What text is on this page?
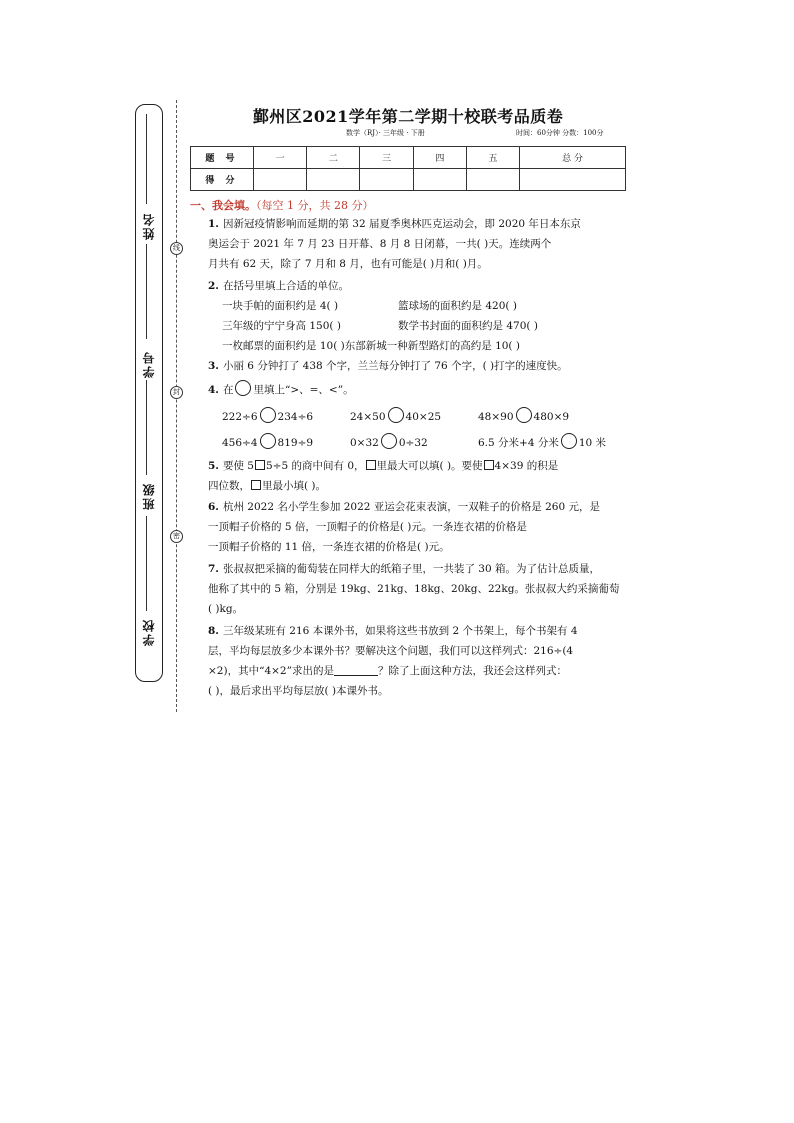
姓名
学号
班级
学校
线
封
密
鄞州区2021学年第二学期十校联考品质卷
数学（RJ）· 三年级 · 下册	时间：60分钟 分数：100分
题 号	一	二	三	四	五	总 分
得 分						
一、我会填。（每空 1 分，共 28 分）
1. 因新冠疫情影响而延期的第 32 届夏季奥林匹克运动会，即 2020 年日本东京
奥运会于 2021 年 7 月 23 日开幕、8 月 8 日闭幕，一共( )天。连续两个
月共有 62 天，除了 7 月和 8 月，也有可能是( )月和( )月。
2. 在括号里填上合适的单位。
一块手帕的面积约是 4( )	篮球场的面积约是 420( )
三年级的宁宁身高 150( )	数学书封面的面积约是 470( )
一枚邮票的面积约是 10( )东部新城一种新型路灯的高约是 10( )
3. 小丽 6 分钟打了 438 个字，兰兰每分钟打了 76 个字，( )打字的速度快。
4. 在 里填上“>、=、<”。
222÷6 234÷6	24×50 40×25	48×90 480×9
456÷4 819÷9	0×32 0÷32	6.5 分米+4 分米 10 米
5. 要使 5 5÷5 的商中间有 0， 里最大可以填( )。要使 4×39 的积是
四位数， 里最小填( )。
6. 杭州 2022 名小学生参加 2022 亚运会花束表演，一双鞋子的价格是 260 元，是
一顶帽子价格的 5 倍，一顶帽子的价格是( )元。一条连衣裙的价格是
一顶帽子价格的 11 倍，一条连衣裙的价格是( )元。
7. 张叔叔把采摘的葡萄装在同样大的纸箱子里，一共装了 30 箱。为了估计总质量，
他称了其中的 5 箱，分别是 19kg、21kg、18kg、20kg、22kg。张叔叔大约采摘葡萄
( )kg。
8. 三年级某班有 216 本课外书，如果将这些书放到 2 个书架上，每个书架有 4
层，平均每层放多少本课外书？要解决这个问题，我们可以这样列式：216÷(4
×2)，其中“4×2”求出的是	？除了上面这种方法，我还会这样列式：
( )，最后求出平均每层放( )本课外书。
